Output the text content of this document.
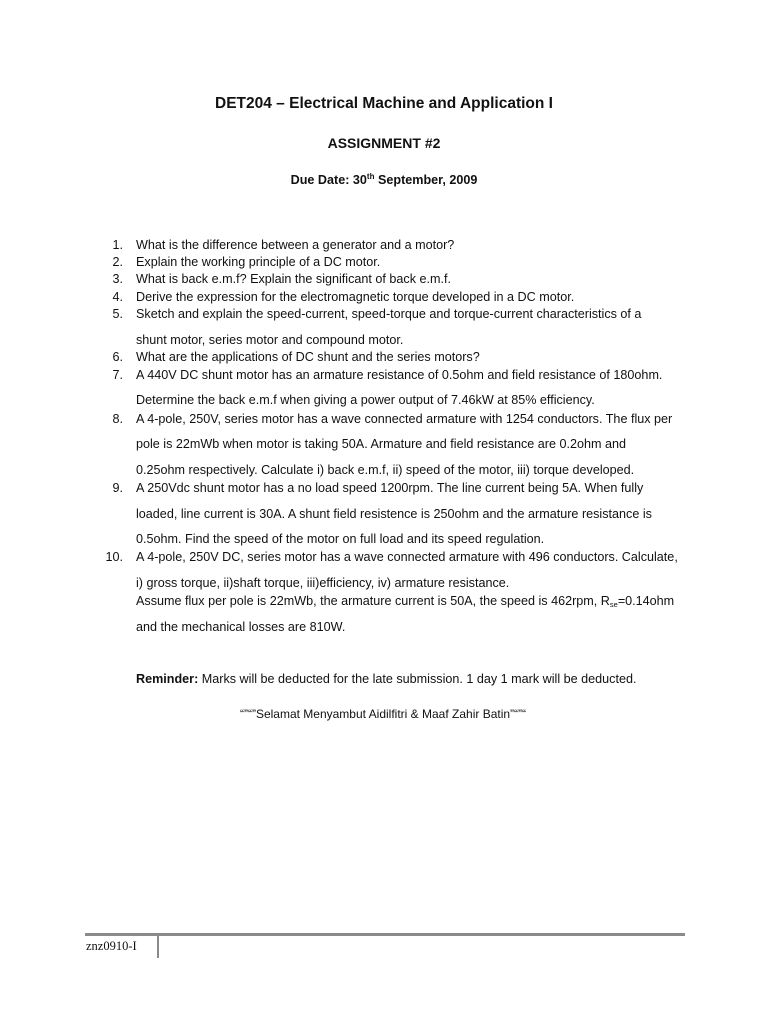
DET204 – Electrical Machine and Application I
ASSIGNMENT #2
Due Date: 30th September, 2009
1. What is the difference between a generator and a motor?
2. Explain the working principle of a DC motor.
3. What is back e.m.f? Explain the significant of back e.m.f.
4. Derive the expression for the electromagnetic torque developed in a DC motor.
5. Sketch and explain the speed-current, speed-torque and torque-current characteristics of a
shunt motor, series motor and compound motor.
6. What are the applications of DC shunt and the series motors?
7. A 440V DC shunt motor has an armature resistance of 0.5ohm and field resistance of 180ohm.
Determine the back e.m.f when giving a power output of 7.46kW at 85% efficiency.
8. A 4-pole, 250V, series motor has a wave connected armature with 1254 conductors. The flux per
pole is 22mWb when motor is taking 50A. Armature and field resistance are 0.2ohm and
0.25ohm respectively. Calculate i) back e.m.f, ii) speed of the motor, iii) torque developed.
9. A 250Vdc shunt motor has a no load speed 1200rpm. The line current being 5A. When fully
loaded, line current is 30A. A shunt field resistence is 250ohm and the armature resistance is
0.5ohm. Find the speed of the motor on full load and its speed regulation.
10. A 4-pole, 250V DC, series motor has a wave connected armature with 496 conductors. Calculate,
i) gross torque, ii)shaft torque, iii)efficiency, iv) armature resistance.
Assume flux per pole is 22mWb, the armature current is 50A, the speed is 462rpm, $R_{se}=0.14ohm$
and the mechanical losses are 810W.
Reminder: Marks will be deducted for the late submission. 1 day 1 mark will be deducted.
“”“”Selamat Menyambut Aidilfitri & Maaf Zahir Batin”“”“
znz0910-I
